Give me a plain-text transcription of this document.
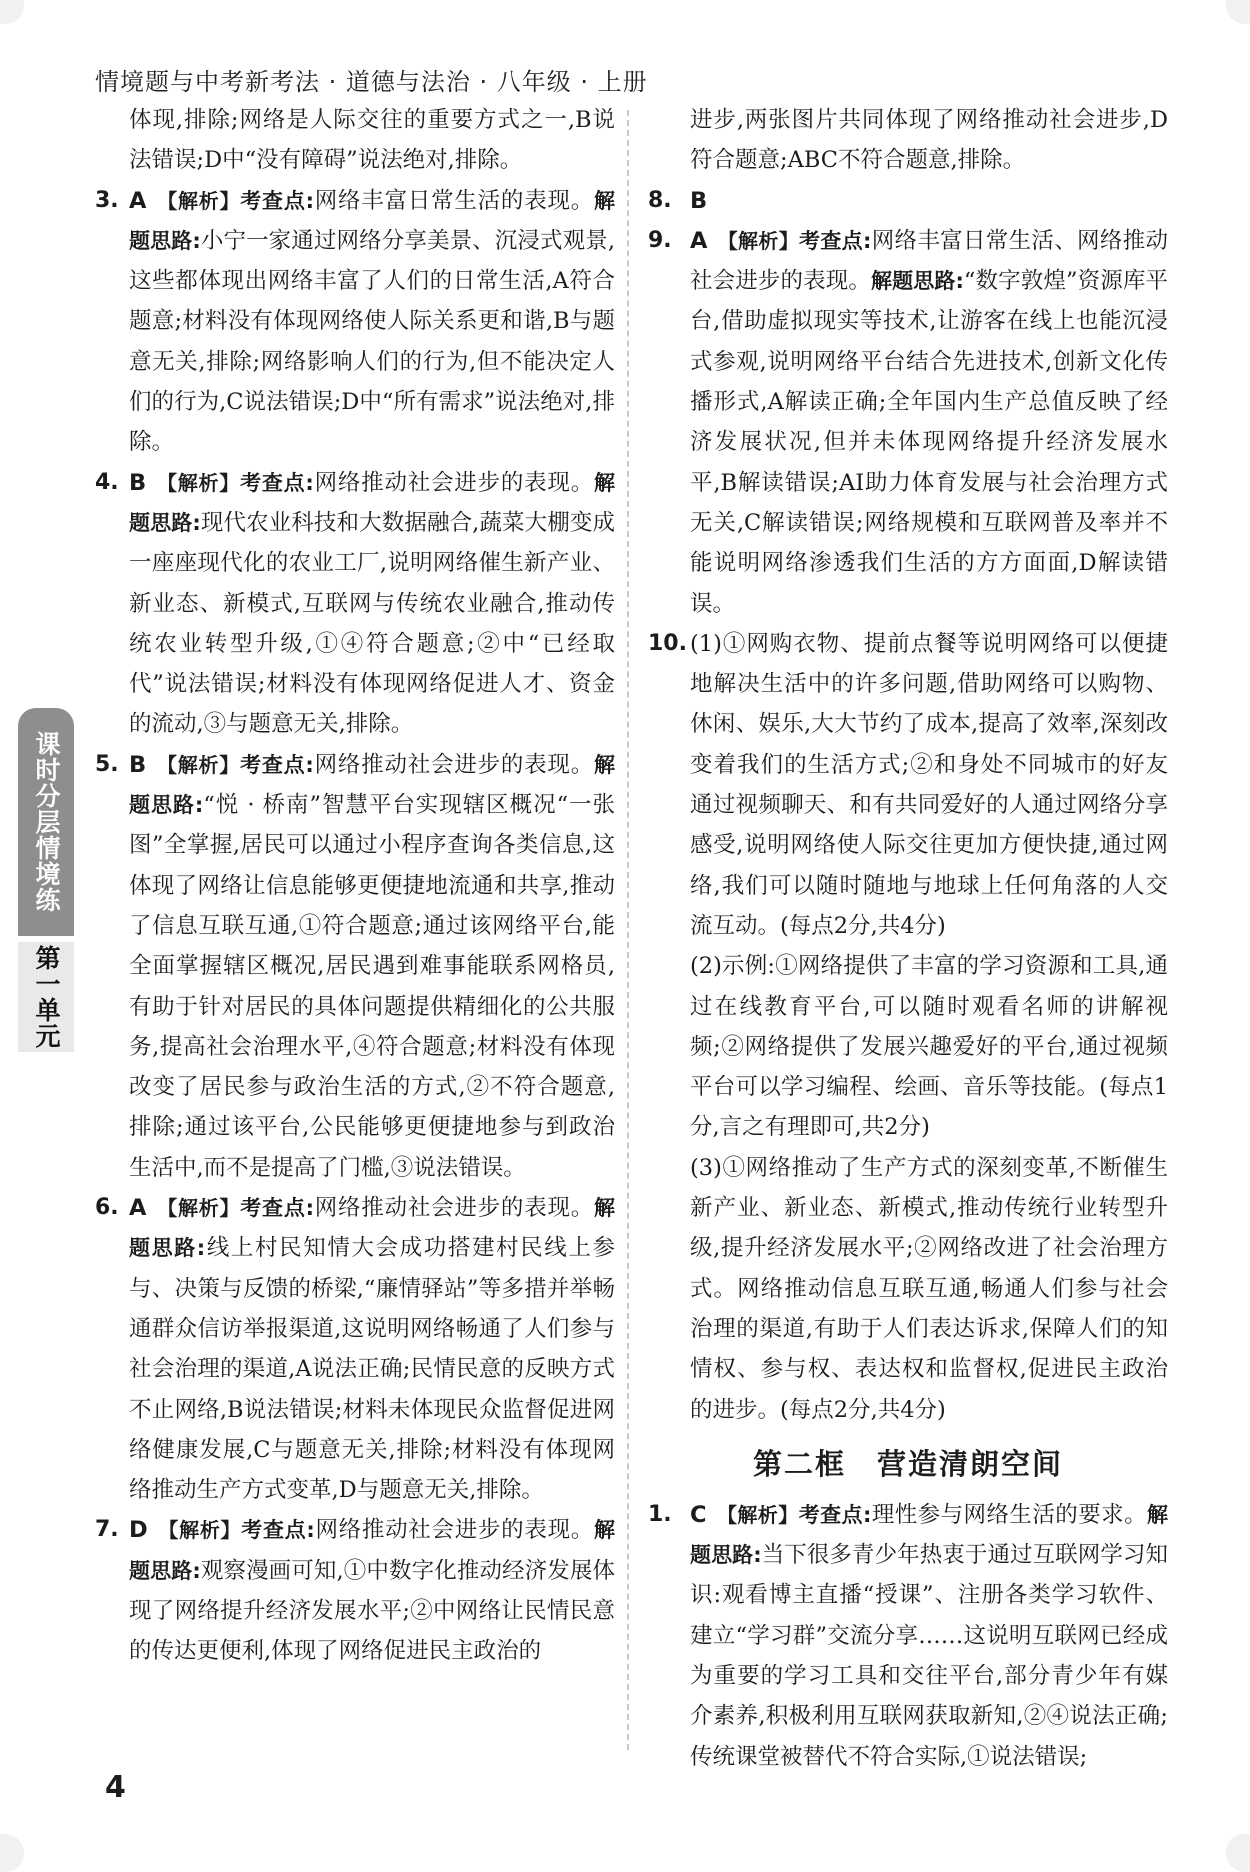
情境题与中考新考法 · 道德与法治 · 八年级 · 上册
体现,排除;网络是人际交往的重要方式之一,B说法错误;D中“没有障碍”说法绝对,排除。
3. A 【解析】考查点:网络丰富日常生活的表现。解题思路:小宁一家通过网络分享美景、沉浸式观景,这些都体现出网络丰富了人们的日常生活,A符合题意;材料没有体现网络使人际关系更和谐,B与题意无关,排除;网络影响人们的行为,但不能决定人们的行为,C说法错误;D中“所有需求”说法绝对,排除。
4. B 【解析】考查点:网络推动社会进步的表现。解题思路:现代农业科技和大数据融合,蔬菜大棚变成一座座现代化的农业工厂,说明网络催生新产业、新业态、新模式,互联网与传统农业融合,推动传统农业转型升级,①④符合题意;②中“已经取代”说法错误;材料没有体现网络促进人才、资金的流动,③与题意无关,排除。
5. B 【解析】考查点:网络推动社会进步的表现。解题思路:“悦 · 桥南”智慧平台实现辖区概况“一张图”全掌握,居民可以通过小程序查询各类信息,这体现了网络让信息能够更便捷地流通和共享,推动了信息互联互通,①符合题意;通过该网络平台,能全面掌握辖区概况,居民遇到难事能联系网格员,有助于针对居民的具体问题提供精细化的公共服务,提高社会治理水平,④符合题意;材料没有体现改变了居民参与政治生活的方式,②不符合题意,排除;通过该平台,公民能够更便捷地参与到政治生活中,而不是提高了门槛,③说法错误。
6. A 【解析】考查点:网络推动社会进步的表现。解题思路:线上村民知情大会成功搭建村民线上参与、决策与反馈的桥梁,“廉情驿站”等多措并举畅通群众信访举报渠道,这说明网络畅通了人们参与社会治理的渠道,A说法正确;民情民意的反映方式不止网络,B说法错误;材料未体现民众监督促进网络健康发展,C与题意无关,排除;材料没有体现网络推动生产方式变革,D与题意无关,排除。
7. D 【解析】考查点:网络推动社会进步的表现。解题思路:观察漫画可知,①中数字化推动经济发展体现了网络提升经济发展水平;②中网络让民情民意的传达更便利,体现了网络促进民主政治的
进步,两张图片共同体现了网络推动社会进步,D符合题意;ABC不符合题意,排除。
8. B
9. A 【解析】考查点:网络丰富日常生活、网络推动社会进步的表现。解题思路:“数字敦煌”资源库平台,借助虚拟现实等技术,让游客在线上也能沉浸式参观,说明网络平台结合先进技术,创新文化传播形式,A解读正确;全年国内生产总值反映了经济发展状况,但并未体现网络提升经济发展水平,B解读错误;AI助力体育发展与社会治理方式无关,C解读错误;网络规模和互联网普及率并不能说明网络渗透我们生活的方方面面,D解读错误。
10. (1)①网购衣物、提前点餐等说明网络可以便捷地解决生活中的许多问题,借助网络可以购物、休闲、娱乐,大大节约了成本,提高了效率,深刻改变着我们的生活方式;②和身处不同城市的好友通过视频聊天、和有共同爱好的人通过网络分享感受,说明网络使人际交往更加方便快捷,通过网络,我们可以随时随地与地球上任何角落的人交流互动。(每点2分,共4分)
(2)示例:①网络提供了丰富的学习资源和工具,通过在线教育平台,可以随时观看名师的讲解视频;②网络提供了发展兴趣爱好的平台,通过视频平台可以学习编程、绘画、音乐等技能。(每点1分,言之有理即可,共2分)
(3)①网络推动了生产方式的深刻变革,不断催生新产业、新业态、新模式,推动传统行业转型升级,提升经济发展水平;②网络改进了社会治理方式。网络推动信息互联互通,畅通人们参与社会治理的渠道,有助于人们表达诉求,保障人们的知情权、参与权、表达权和监督权,促进民主政治的进步。(每点2分,共4分)
第二框　营造清朗空间
1. C 【解析】考查点:理性参与网络生活的要求。解题思路:当下很多青少年热衷于通过互联网学习知识:观看博主直播“授课”、注册各类学习软件、建立“学习群”交流分享……这说明互联网已经成为重要的学习工具和交往平台,部分青少年有媒介素养,积极利用互联网获取新知,②④说法正确;传统课堂被替代不符合实际,①说法错误;
课时分层情境练
第一单元
4
